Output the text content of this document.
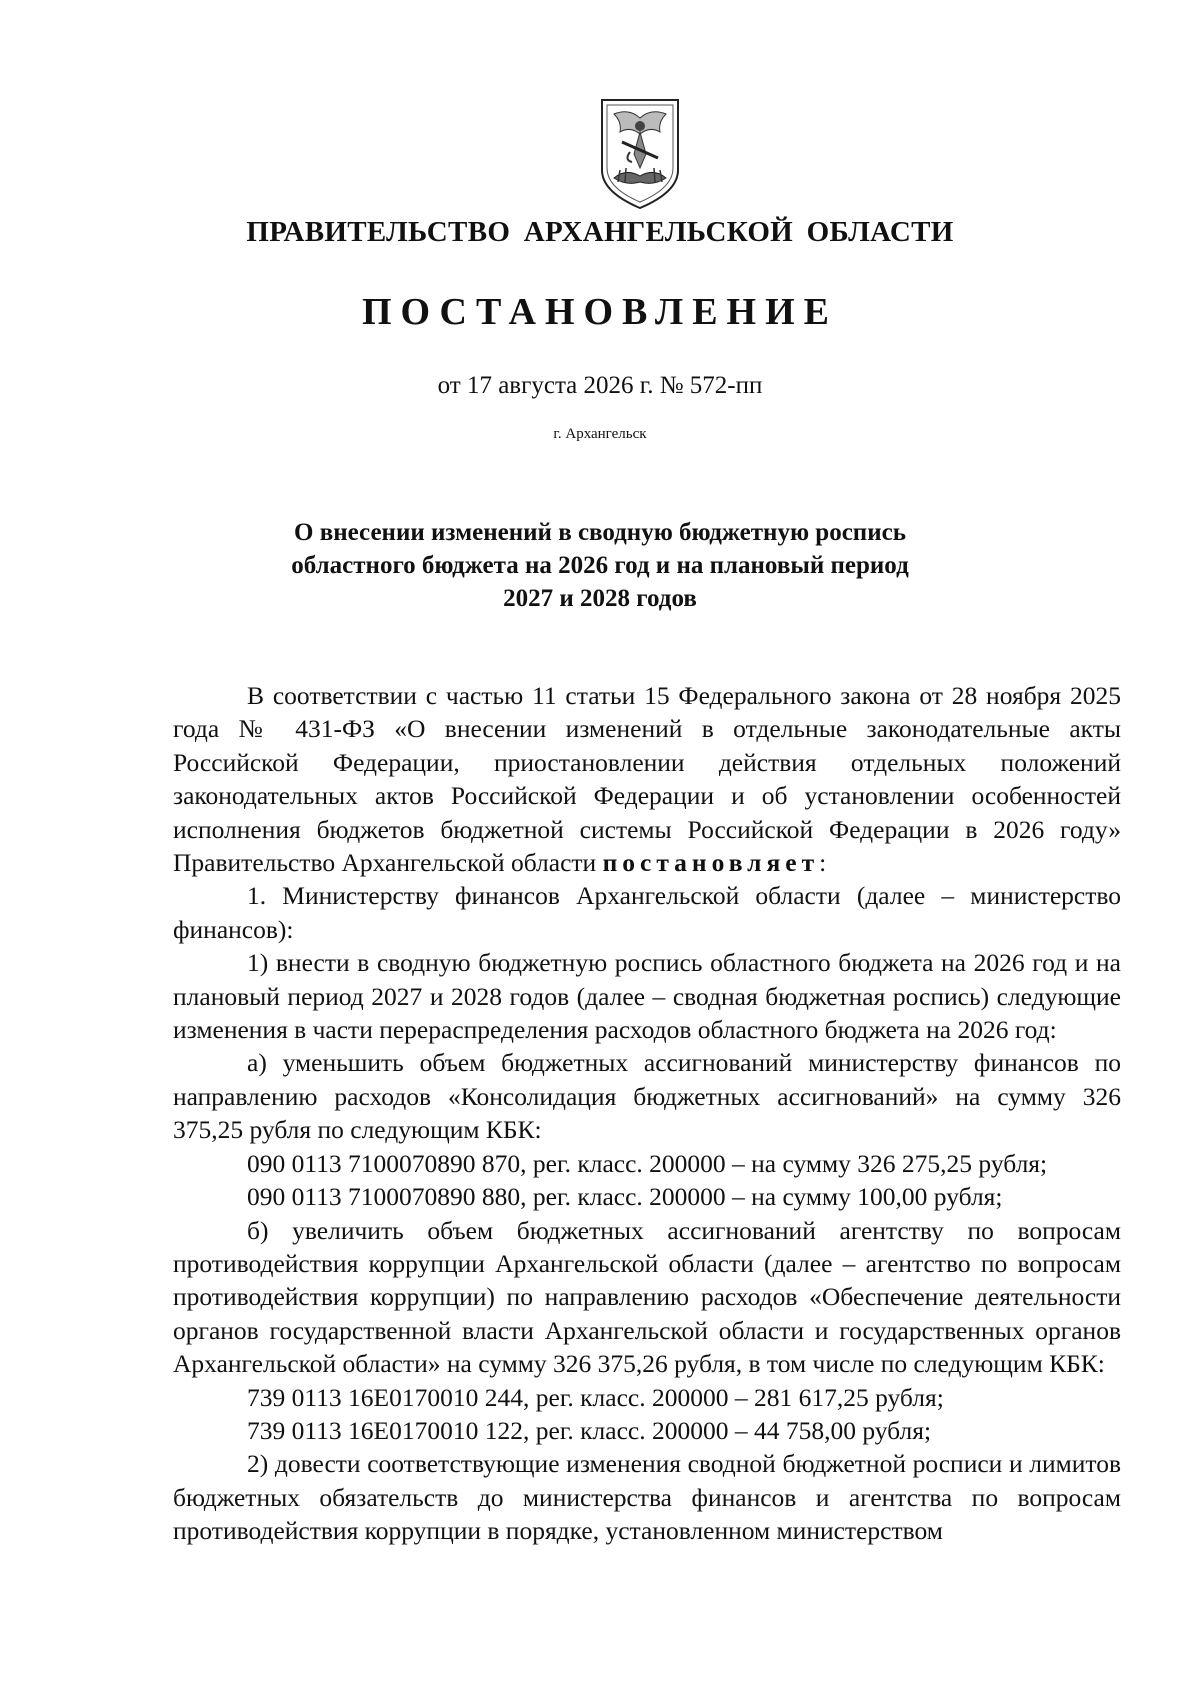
ПРАВИТЕЛЬСТВО АРХАНГЕЛЬСКОЙ ОБЛАСТИ
ПОСТАНОВЛЕНИЕ
от 17 августа 2026 г. № 572-пп
г. Архангельск
О внесении изменений в сводную бюджетную роспись
областного бюджета на 2026 год и на плановый период
2027 и 2028 годов

В соответствии с частью 11 статьи 15 Федерального закона от 28 ноября 2025 года № 431-ФЗ «О внесении изменений в отдельные законодательные акты Российской Федерации, приостановлении действия отдельных положений законодательных актов Российской Федерации и об установлении особенностей исполнения бюджетов бюджетной системы Российской Федерации в 2026 году» Правительство Архангельской области постановляет:

1. Министерству финансов Архангельской области (далее – министерство финансов):

1) внести в сводную бюджетную роспись областного бюджета на 2026 год и на плановый период 2027 и 2028 годов (далее – сводная бюджетная роспись) следующие изменения в части перераспределения расходов областного бюджета на 2026 год:

а) уменьшить объем бюджетных ассигнований министерству финансов по направлению расходов «Консолидация бюджетных ассигнований» на сумму 326 375,25 рубля по следующим КБК:

090 0113 7100070890 870, рег. класс. 200000 – на сумму 326 275,25 рубля;

090 0113 7100070890 880, рег. класс. 200000 – на сумму 100,00 рубля;

б) увеличить объем бюджетных ассигнований агентству по вопросам противодействия коррупции Архангельской области (далее – агентство по вопросам противодействия коррупции) по направлению расходов «Обеспечение деятельности органов государственной власти Архангельской области и государственных органов Архангельской области» на сумму 326 375,26 рубля, в том числе по следующим КБК:

739 0113 16Е0170010 244, рег. класс. 200000 – 281 617,25 рубля;

739 0113 16Е0170010 122, рег. класс. 200000 – 44 758,00 рубля;

2) довести соответствующие изменения сводной бюджетной росписи и лимитов бюджетных обязательств до министерства финансов и агентства по вопросам противодействия коррупции в порядке, установленном министерством
